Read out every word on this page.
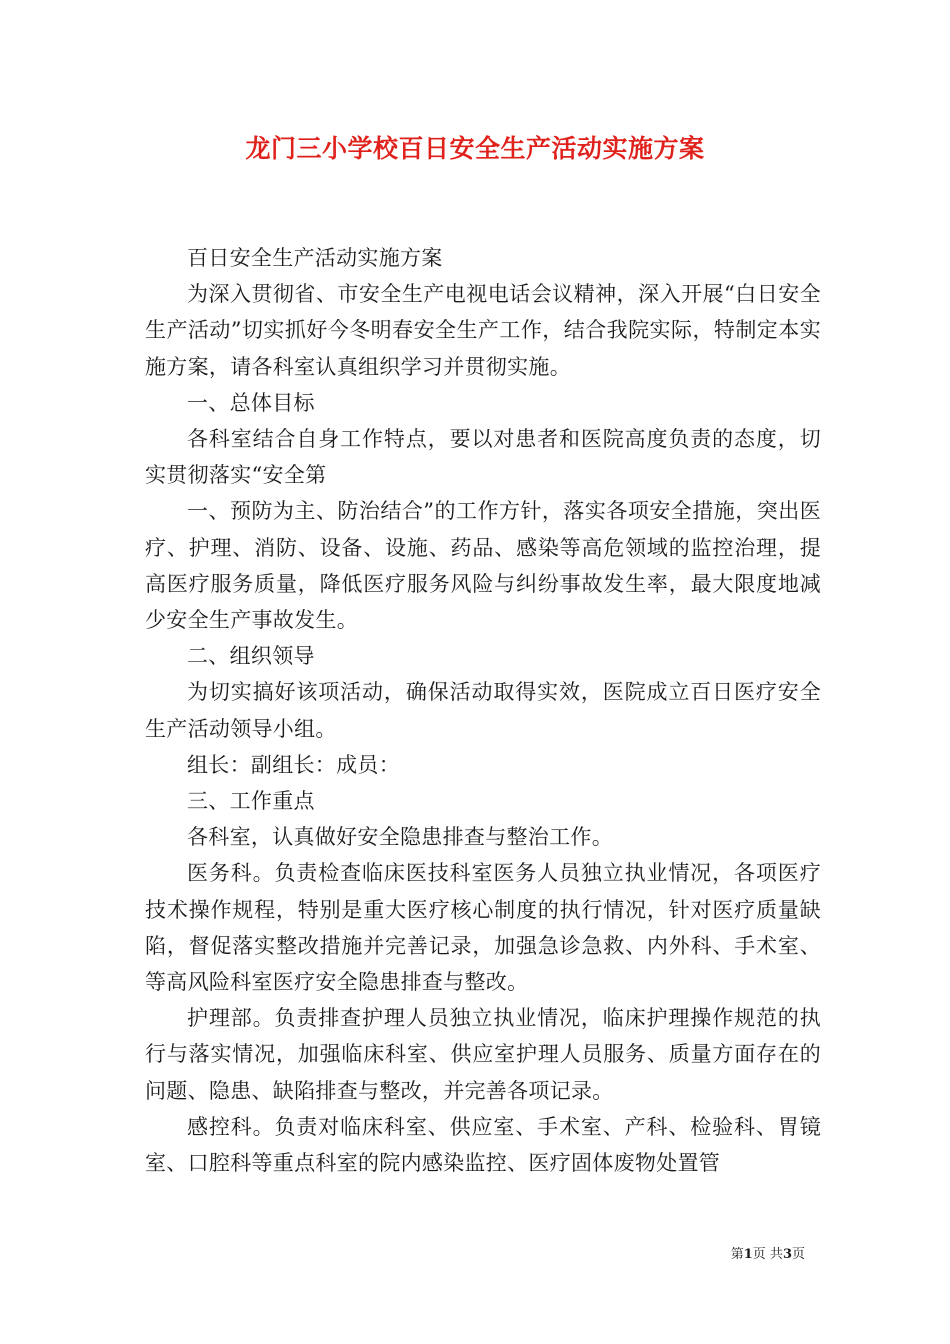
龙门三小学校百日安全生产活动实施方案

百日安全生产活动实施方案

为深入贯彻省、市安全生产电视电话会议精神，深入开展“白日安全生产活动”切实抓好今冬明春安全生产工作，结合我院实际，特制定本实施方案，请各科室认真组织学习并贯彻实施。

一、总体目标

各科室结合自身工作特点，要以对患者和医院高度负责的态度，切实贯彻落实“安全第

一、预防为主、防治结合”的工作方针，落实各项安全措施，突出医疗、护理、消防、设备、设施、药品、感染等高危领域的监控治理，提高医疗服务质量，降低医疗服务风险与纠纷事故发生率，最大限度地减少安全生产事故发生。

二、组织领导

为切实搞好该项活动，确保活动取得实效，医院成立百日医疗安全生产活动领导小组。

组长：副组长：成员：

三、工作重点

各科室，认真做好安全隐患排查与整治工作。

医务科。负责检查临床医技科室医务人员独立执业情况，各项医疗技术操作规程，特别是重大医疗核心制度的执行情况，针对医疗质量缺陷，督促落实整改措施并完善记录，加强急诊急救、内外科、手术室、等高风险科室医疗安全隐患排查与整改。

护理部。负责排查护理人员独立执业情况，临床护理操作规范的执行与落实情况，加强临床科室、供应室护理人员服务、质量方面存在的问题、隐患、缺陷排查与整改，并完善各项记录。

感控科。负责对临床科室、供应室、手术室、产科、检验科、胃镜室、口腔科等重点科室的院内感染监控、医疗固体废物处置管

第1页 共3页
